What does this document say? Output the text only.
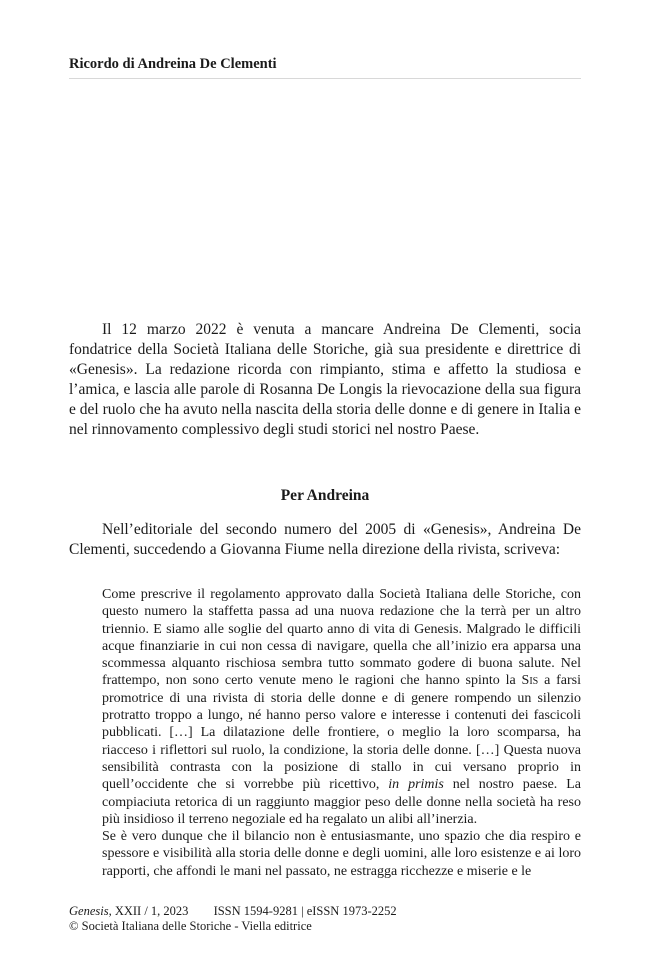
Ricordo di Andreina De Clementi

Il 12 marzo 2022 è venuta a mancare Andreina De Clementi, socia fondatrice della Società Italiana delle Storiche, già sua presidente e direttrice di «Genesis». La redazione ricorda con rimpianto, stima e affetto la studiosa e l’amica, e lascia alle parole di Rosanna De Longis la rievocazione della sua figura e del ruolo che ha avuto nella nascita della storia delle donne e di genere in Italia e nel rinnovamento complessivo degli studi storici nel nostro Paese.

Per Andreina

Nell’editoriale del secondo numero del 2005 di «Genesis», Andreina De Clementi, succedendo a Giovanna Fiume nella direzione della rivista, scriveva:

Come prescrive il regolamento approvato dalla Società Italiana delle Storiche, con questo numero la staffetta passa ad una nuova redazione che la terrà per un altro triennio. E siamo alle soglie del quarto anno di vita di Genesis. Malgrado le difficili acque finanziarie in cui non cessa di navigare, quella che all’inizio era apparsa una scommessa alquanto rischiosa sembra tutto sommato godere di buona salute. Nel frattempo, non sono certo venute meno le ragioni che hanno spinto la Sis a farsi promotrice di una rivista di storia delle donne e di genere rompendo un silenzio protratto troppo a lungo, né hanno perso valore e interesse i contenuti dei fascicoli pubblicati. […] La dilatazione delle frontiere, o meglio la loro scomparsa, ha riacceso i riflettori sul ruolo, la condizione, la storia delle donne. […] Questa nuova sensibilità contrasta con la posizione di stallo in cui versano proprio in quell’occidente che si vorrebbe più ricettivo, in primis nel nostro paese. La compiaciuta retorica di un raggiunto maggior peso delle donne nella società ha reso più insidioso il terreno negoziale ed ha regalato un alibi all’inerzia.

Se è vero dunque che il bilancio non è entusiasmante, uno spazio che dia respiro e spessore e visibilità alla storia delle donne e degli uomini, alle loro esistenze e ai loro rapporti, che affondi le mani nel passato, ne estragga ricchezze e miserie e le

Genesis, XXII / 1, 2023 ISSN 1594-9281 | eISSN 1973-2252
© Società Italiana delle Storiche - Viella editrice
